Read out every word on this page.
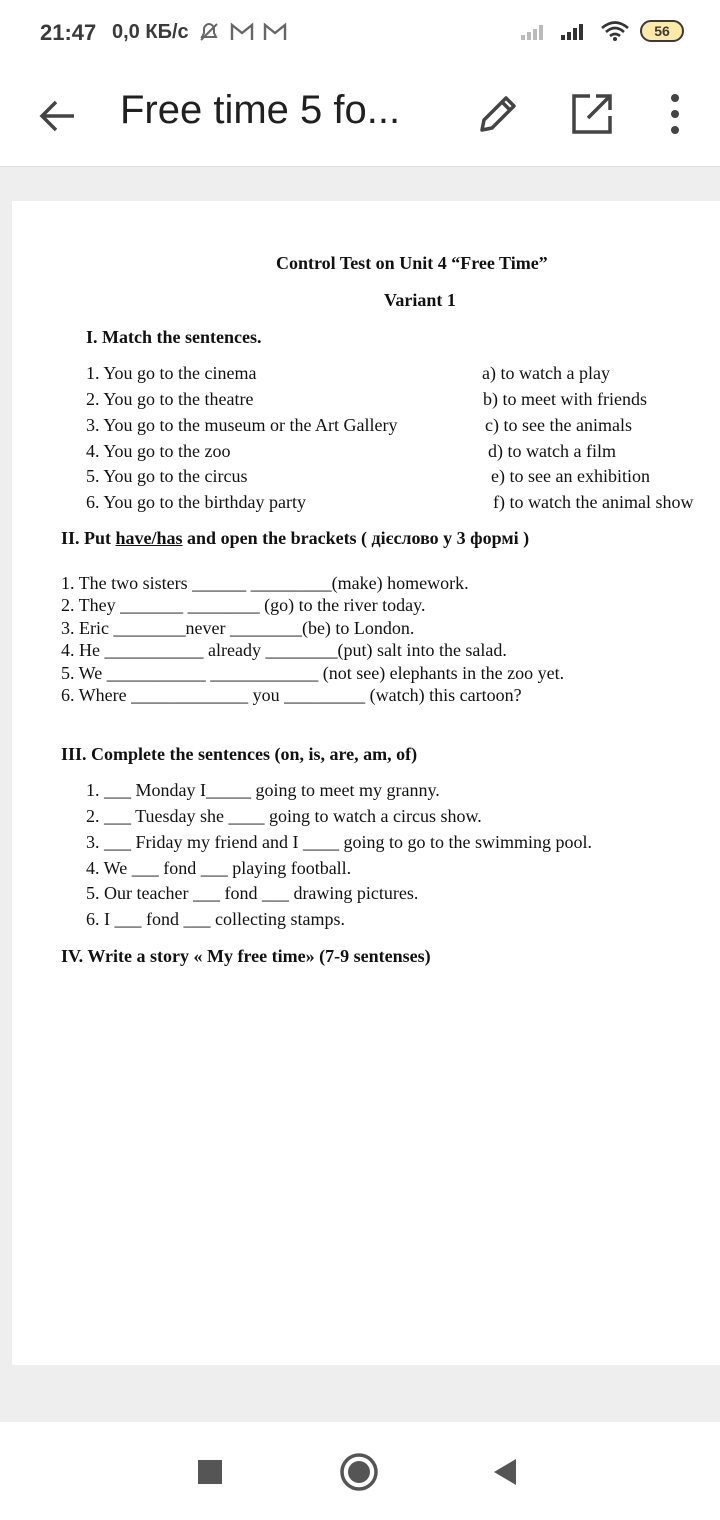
21:47 0,0 КБ/с
	56
Free time 5 fo...
Control Test on Unit 4 “Free Time”
Variant 1
I. Match the sentences.
1. You go to the cinema
2. You go to the theatre
3. You go to the museum or the Art Gallery
4. You go to the zoo
5. You go to the circus
6. You go to the birthday party
a) to watch a play
b) to meet with friends
c) to see the animals
d) to watch a film
e) to see an exhibition
f) to watch the animal show
II. Put have/has and open the brackets ( дієслово у 3 формі )
1. The two sisters ______ _________(make) homework.
2. They _______ ________ (go) to the river today.
3. Eric ________never ________(be) to London.
4. He ___________ already ________(put) salt into the salad.
5. We ___________ ____________ (not see) elephants in the zoo yet.
6. Where _____________ you _________ (watch) this cartoon?
III. Complete the sentences (on, is, are, am, of)
1. ___ Monday I_____ going to meet my granny.
2. ___ Tuesday she ____ going to watch a circus show.
3. ___ Friday my friend and I ____ going to go to the swimming pool.
4. We ___ fond ___ playing football.
5. Our teacher ___ fond ___ drawing pictures.
6. I ___ fond ___ collecting stamps.
IV. Write a story « My free time» (7-9 sentenses)
